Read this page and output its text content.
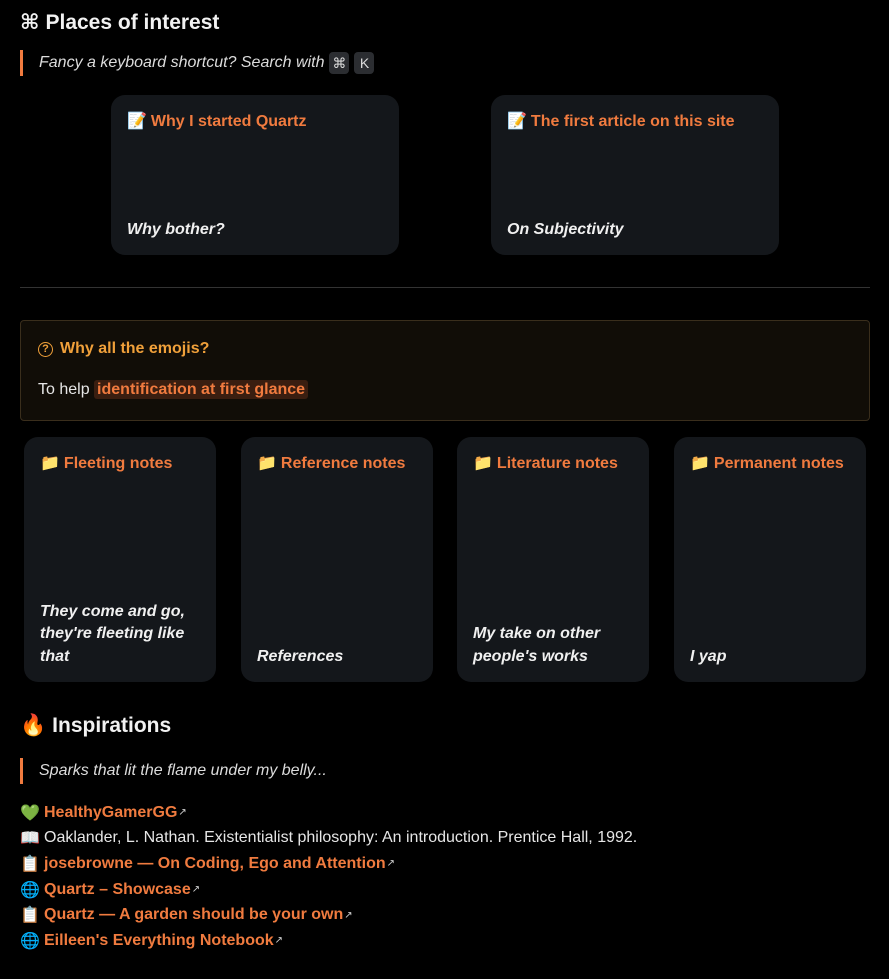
⌘ Places of interest
Fancy a keyboard shortcut? Search with ⌘ K
📝 Why I started Quartz
Why bother?
📝 The first article on this site
On Subjectivity
? Why all the emojis?
To help identification at first glance
📁 Fleeting notes
They come and go, they're fleeting like that
📁 Reference notes
References
📁 Literature notes
My take on other people's works
📁 Permanent notes
I yap
🔥 Inspirations
Sparks that lit the flame under my belly...
💚 HealthyGamerGG ↗
📖 Oaklander, L. Nathan. Existentialist philosophy: An introduction. Prentice Hall, 1992.
📋 josebrowne — On Coding, Ego and Attention ↗
🌐 Quartz – Showcase ↗
📋 Quartz — A garden should be your own ↗
🌐 Eilleen's Everything Notebook ↗
